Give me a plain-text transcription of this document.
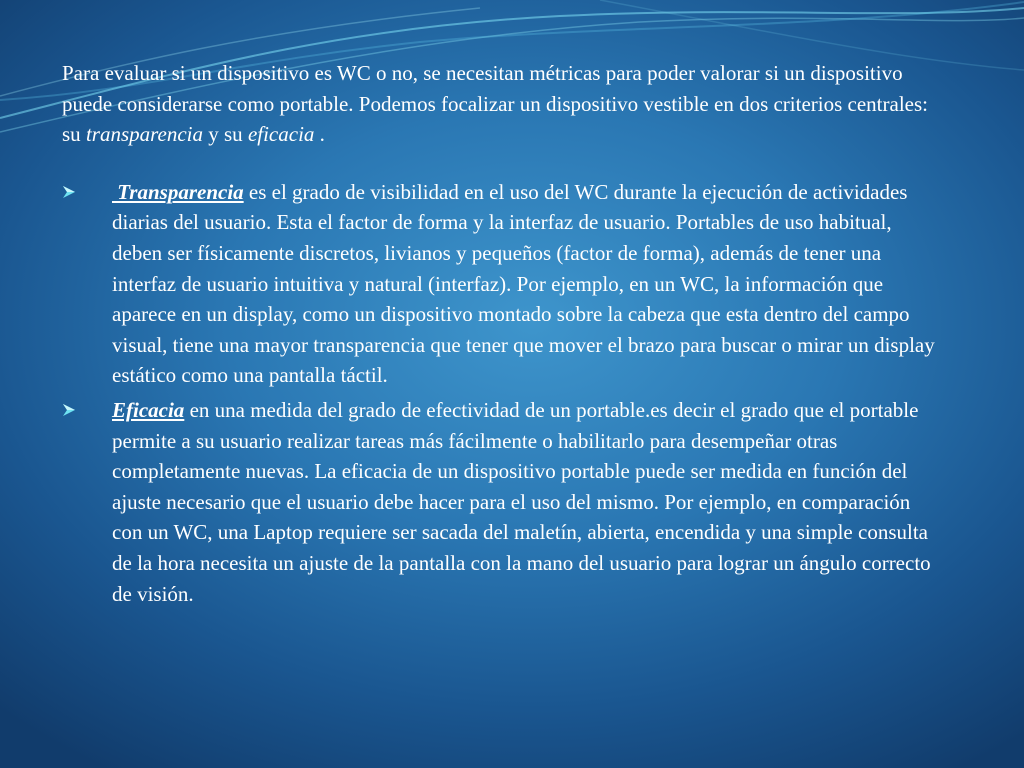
Para evaluar si un dispositivo es WC o no, se necesitan métricas para poder valorar si un dispositivo puede considerarse como portable. Podemos focalizar un dispositivo vestible en dos criterios centrales: su transparencia y su eficacia .

Transparencia es el grado de visibilidad en el uso del WC durante la ejecución de actividades diarias del usuario. Esta el factor de forma y la interfaz de usuario. Portables de uso habitual, deben ser físicamente discretos, livianos y pequeños (factor de forma), además de tener una interfaz de usuario intuitiva y natural (interfaz). Por ejemplo, en un WC, la información que aparece en un display, como un dispositivo montado sobre la cabeza que esta dentro del campo visual, tiene una mayor transparencia que tener que mover el brazo para buscar o mirar un display estático como una pantalla táctil.
Eficacia en una medida del grado de efectividad de un portable.es decir el grado que el portable permite a su usuario realizar tareas más fácilmente o habilitarlo para desempeñar otras completamente nuevas. La eficacia de un dispositivo portable puede ser medida en función del ajuste necesario que el usuario debe hacer para el uso del mismo. Por ejemplo, en comparación con un WC, una Laptop requiere ser sacada del maletín, abierta, encendida y una simple consulta de la hora necesita un ajuste de la pantalla con la mano del usuario para lograr un ángulo correcto de visión.
